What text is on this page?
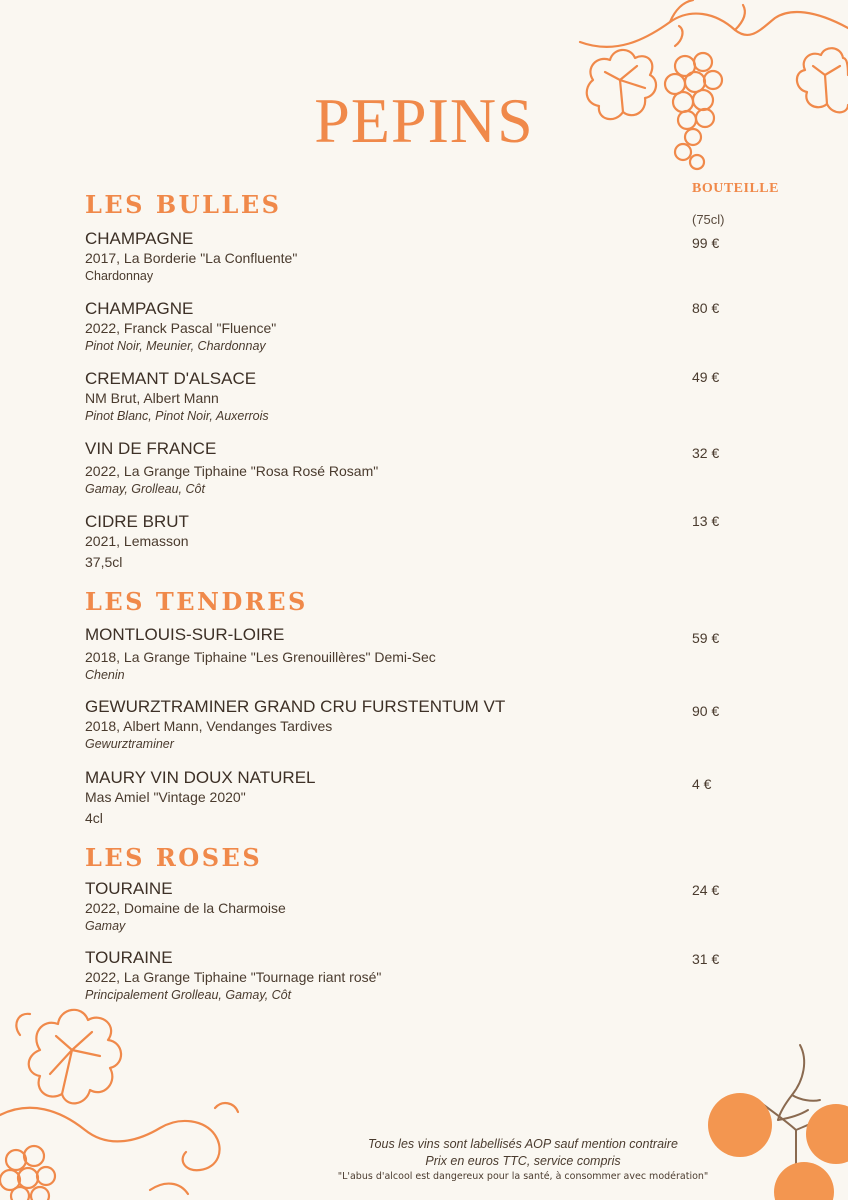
PEPINS
BOUTEILLE
(75cl)
LES BULLES
CHAMPAGNE
2017, La Borderie "La Confluente"
Chardonnay
99 €
CHAMPAGNE
2022, Franck Pascal "Fluence"
Pinot Noir, Meunier, Chardonnay
80 €
CREMANT D'ALSACE
NM Brut, Albert Mann
Pinot Blanc, Pinot Noir, Auxerrois
49 €
VIN DE FRANCE
2022, La Grange Tiphaine "Rosa Rosé Rosam"
Gamay, Grolleau, Côt
32 €
CIDRE BRUT
2021, Lemasson
37,5cl
13 €
LES TENDRES
MONTLOUIS-SUR-LOIRE
2018, La Grange Tiphaine "Les Grenouillères" Demi-Sec
Chenin
59 €
GEWURZTRAMINER GRAND CRU FURSTENTUM VT
2018, Albert Mann, Vendanges Tardives
Gewurztraminer
90 €
MAURY VIN DOUX NATUREL
Mas Amiel "Vintage 2020"
4cl
4 €
LES ROSES
TOURAINE
2022, Domaine de la Charmoise
Gamay
24 €
TOURAINE
2022, La Grange Tiphaine "Tournage riant rosé"
Principalement Grolleau, Gamay, Côt
31 €
Tous les vins sont labellisés AOP sauf mention contraire
Prix en euros TTC, service compris
"L'abus d'alcool est dangereux pour la santé, à consommer avec modération"
